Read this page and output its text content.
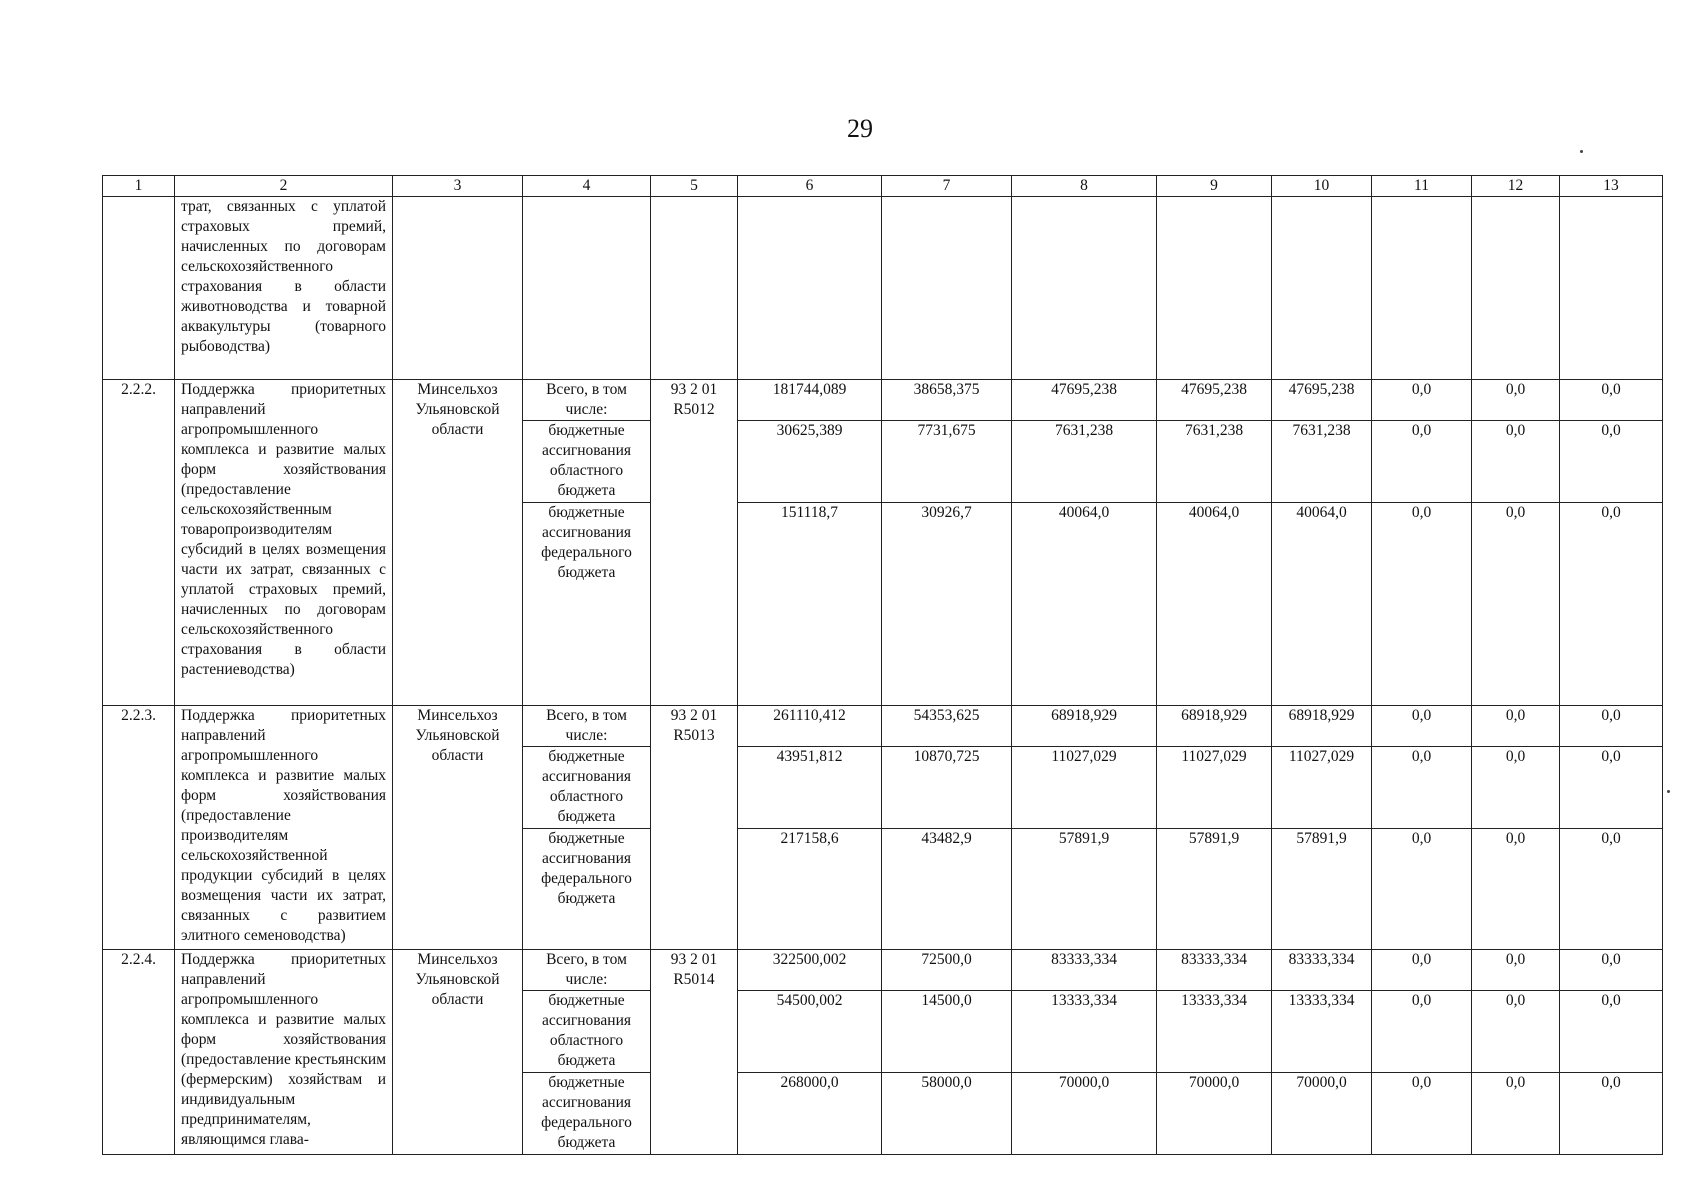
29
1	2	3	4	5	6	7	8	9	10	11	12	13
	трат, связанных с уплатой страховых премий, начисленных по договорам сельскохозяйственного страхования в области животноводства и товарной аквакультуры (товарного рыбоводства)											
2.2.2.	Поддержка приоритетных направлений агропромышленного комплекса и развитие малых форм хозяйствования (предоставление сельскохозяйственным товаропроизводителям субсидий в целях возмещения части их затрат, связанных с уплатой страховых премий, начисленных по договорам сельскохозяйственного страхования в области растениеводства)	Минсельхоз Ульяновской области	Всего, в том числе:	93 2 01 R5012	181744,089	38658,375	47695,238	47695,238	47695,238	0,0	0,0	0,0
			бюджетные ассигнования областного бюджета		30625,389	7731,675	7631,238	7631,238	7631,238	0,0	0,0	0,0
			бюджетные ассигнования федерального бюджета		151118,7	30926,7	40064,0	40064,0	40064,0	0,0	0,0	0,0
2.2.3.	Поддержка приоритетных направлений агропромышленного комплекса и развитие малых форм хозяйствования (предоставление производителям сельскохозяйственной продукции субсидий в целях возмещения части их затрат, связанных с развитием элитного семеноводства)	Минсельхоз Ульяновской области	Всего, в том числе:	93 2 01 R5013	261110,412	54353,625	68918,929	68918,929	68918,929	0,0	0,0	0,0
			бюджетные ассигнования областного бюджета		43951,812	10870,725	11027,029	11027,029	11027,029	0,0	0,0	0,0
			бюджетные ассигнования федерального бюджета		217158,6	43482,9	57891,9	57891,9	57891,9	0,0	0,0	0,0
2.2.4.	Поддержка приоритетных направлений агропромышленного комплекса и развитие малых форм хозяйствования (предоставление крестьянским (фермерским) хозяйствам и индивидуальным предпринимателям, являющимся глава-	Минсельхоз Ульяновской области	Всего, в том числе:	93 2 01 R5014	322500,002	72500,0	83333,334	83333,334	83333,334	0,0	0,0	0,0
			бюджетные ассигнования областного бюджета		54500,002	14500,0	13333,334	13333,334	13333,334	0,0	0,0	0,0
			бюджетные ассигнования федерального бюджета		268000,0	58000,0	70000,0	70000,0	70000,0	0,0	0,0	0,0
